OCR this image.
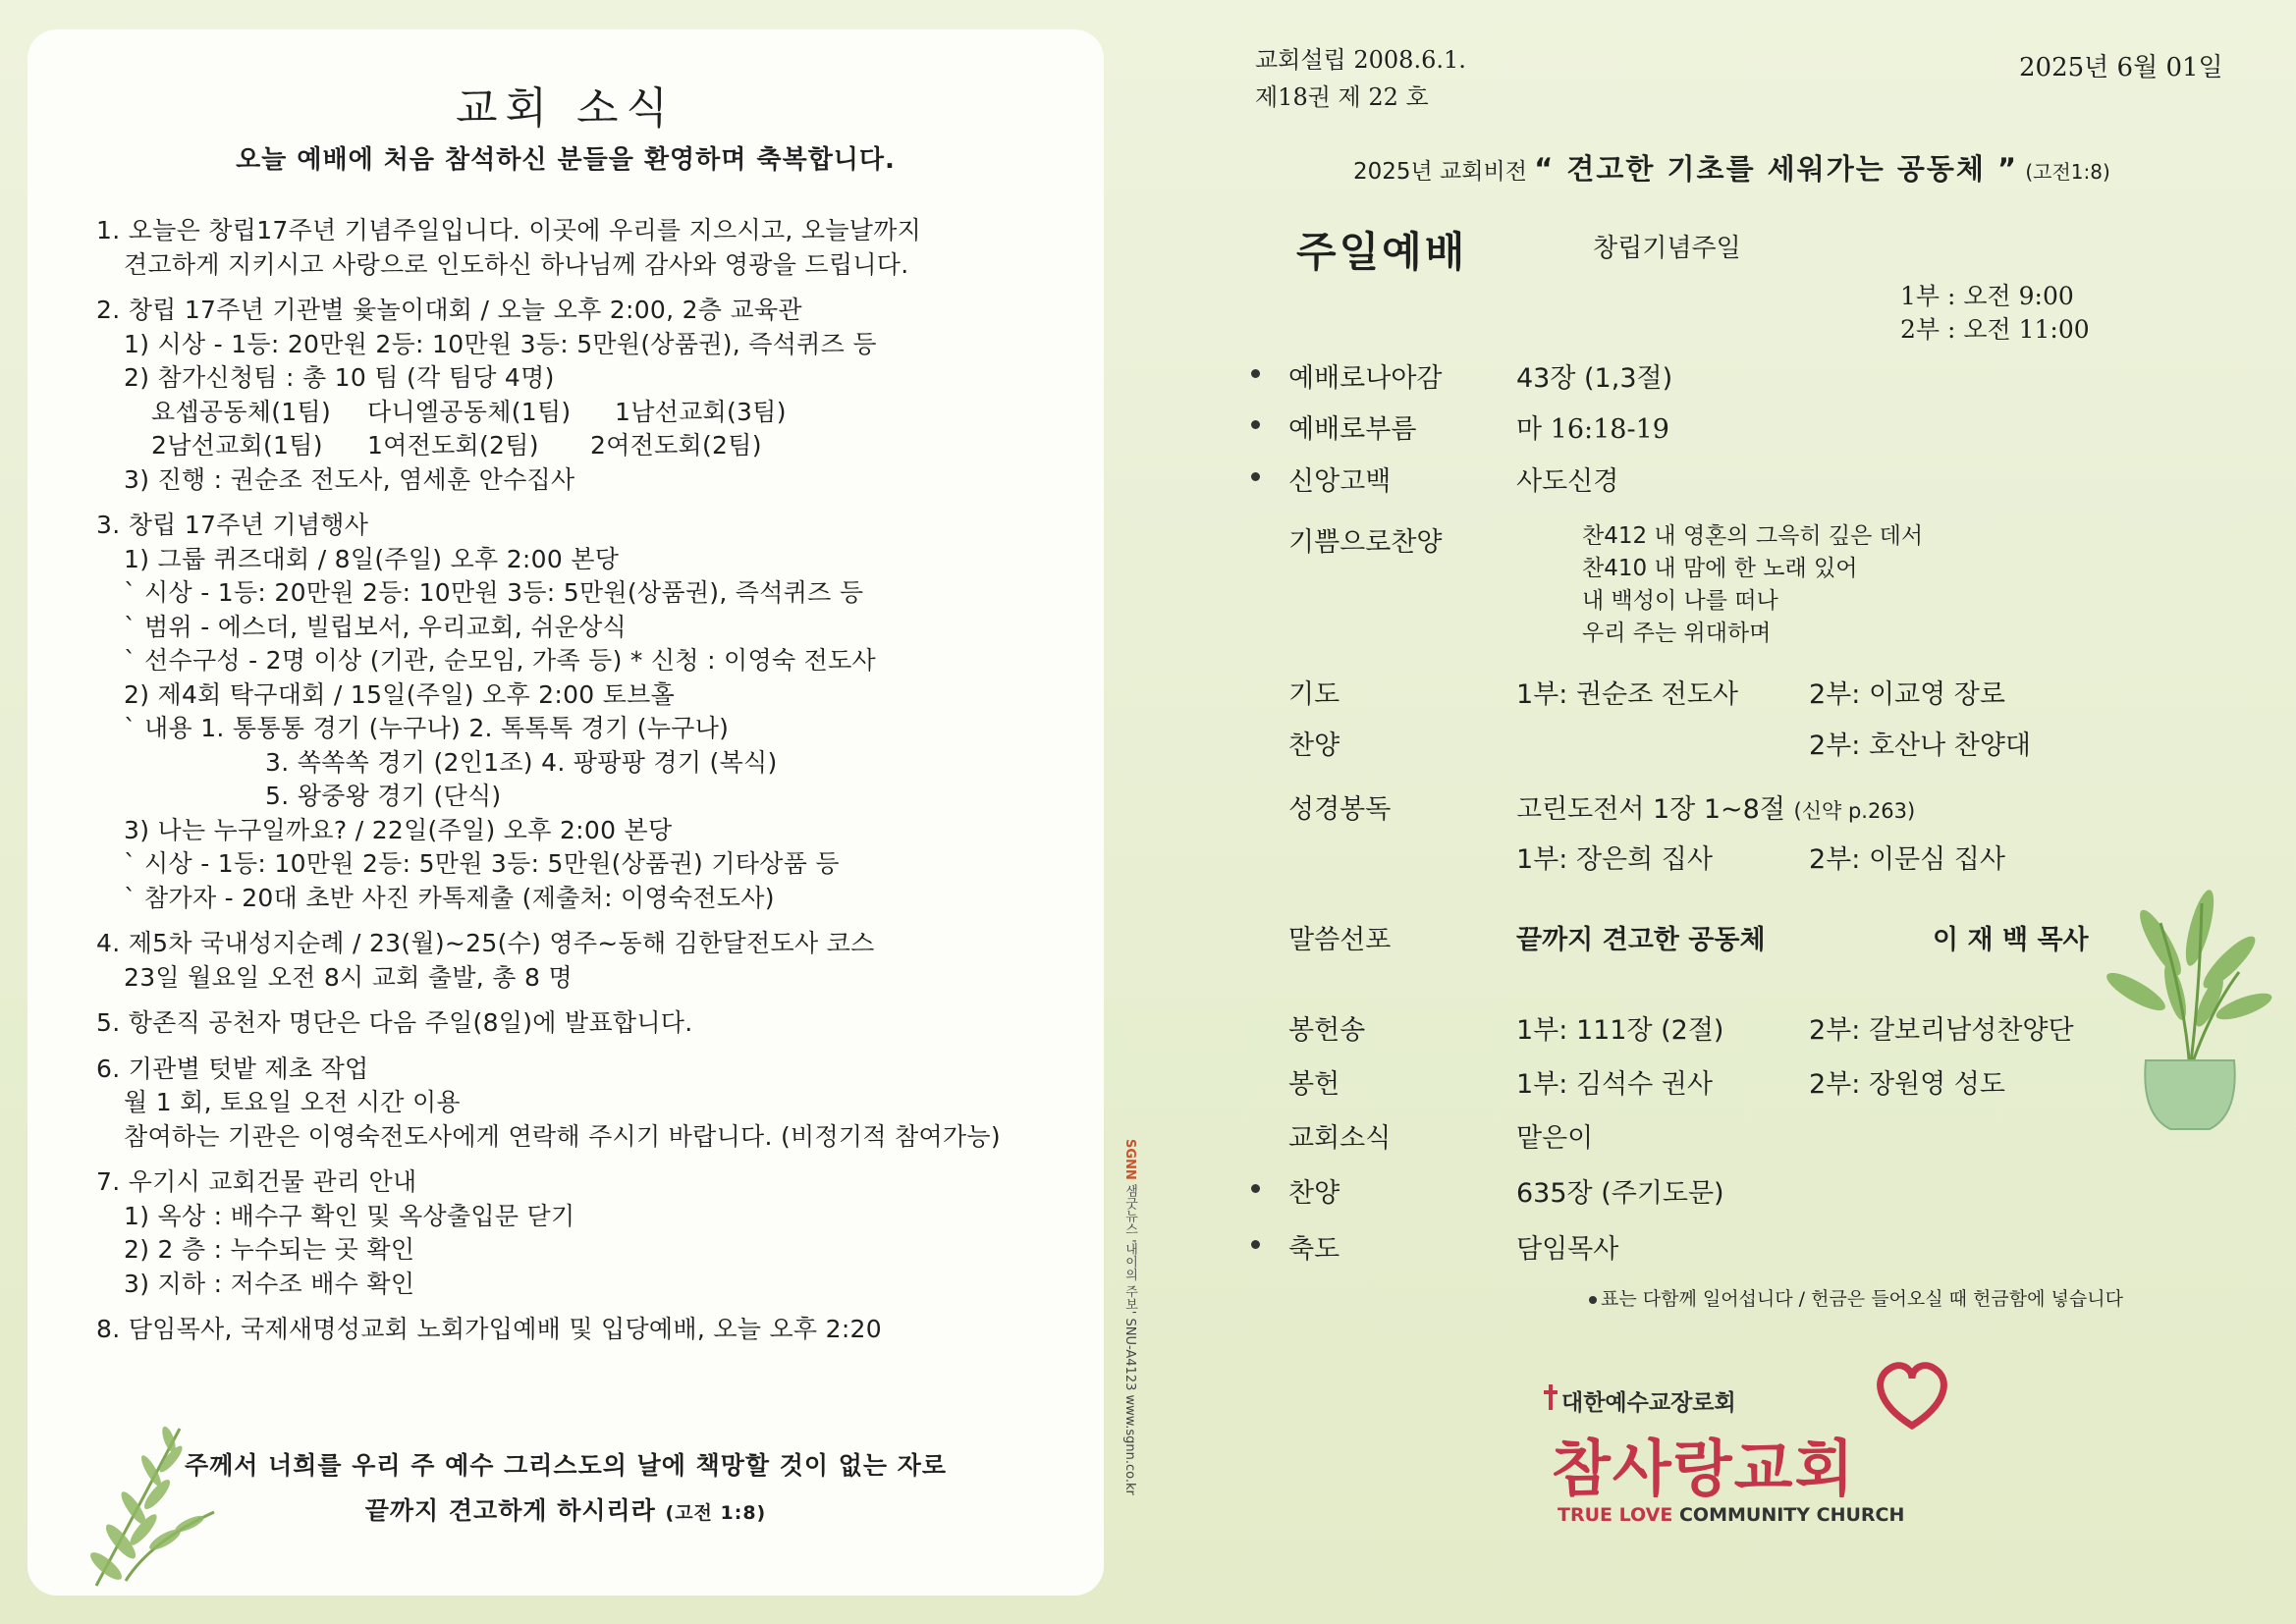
교회 소식
오늘 예배에 처음 참석하신 분들을 환영하며 축복합니다.
1. 오늘은 창립17주년 기념주일입니다. 이곳에 우리를 지으시고, 오늘날까지
견고하게 지키시고 사랑으로 인도하신 하나님께 감사와 영광을 드립니다.
2. 창립 17주년 기관별 윷놀이대회 / 오늘 오후 2:00, 2층 교육관
1) 시상 - 1등: 20만원 2등: 10만원 3등: 5만원(상품권), 즉석퀴즈 등
2) 참가신청팀 : 총 10 팀 (각 팀당 4명)
요셉공동체(1팀)	다니엘공동체(1팀)	1남선교회(3팀)
2남선교회(1팀)	1여전도회(2팀)	2여전도회(2팀)
3) 진행 : 권순조 전도사, 염세훈 안수집사
3. 창립 17주년 기념행사
1) 그룹 퀴즈대회 / 8일(주일) 오후 2:00 본당
` 시상 - 1등: 20만원 2등: 10만원 3등: 5만원(상품권), 즉석퀴즈 등
` 범위 - 에스더, 빌립보서, 우리교회, 쉬운상식
` 선수구성 - 2명 이상 (기관, 순모임, 가족 등) * 신청 : 이영숙 전도사
2) 제4회 탁구대회 / 15일(주일) 오후 2:00 토브홀
` 내용 1. 통통통 경기 (누구나) 2. 톡톡톡 경기 (누구나)
3. 쏙쏙쏙 경기 (2인1조) 4. 팡팡팡 경기 (복식)
5. 왕중왕 경기 (단식)
3) 나는 누구일까요? / 22일(주일) 오후 2:00 본당
` 시상 - 1등: 10만원 2등: 5만원 3등: 5만원(상품권) 기타상품 등
` 참가자 - 20대 초반 사진 카톡제출 (제출처: 이영숙전도사)
4. 제5차 국내성지순례 / 23(월)~25(수) 영주~동해 김한달전도사 코스
23일 월요일 오전 8시 교회 출발, 총 8 명
5. 항존직 공천자 명단은 다음 주일(8일)에 발표합니다.
6. 기관별 텃밭 제초 작업
월 1 회, 토요일 오전 시간 이용
참여하는 기관은 이영숙전도사에게 연락해 주시기 바랍니다. (비정기적 참여가능)
7. 우기시 교회건물 관리 안내
1) 옥상 : 배수구 확인 및 옥상출입문 닫기
2) 2 층 : 누수되는 곳 확인
3) 지하 : 저수조 배수 확인
8. 담임목사, 국제새명성교회 노회가입예배 및 입당예배, 오늘 오후 2:20
주께서 너희를 우리 주 예수 그리스도의 날에 책망할 것이 없는 자로
끝까지 견고하게 하시리라 (고전 1:8)
SGNN 샘굿뉴스 '내이의 주보' SNU-A4123 www.sgnn.co.kr
교회설립 2008.6.1.
제18권 제 22 호
2025년 6월 01일
2025년 교회비전 “ 견고한 기초를 세워가는 공동체 ” (고전1:8)
주일예배	창립기념주일
1부 : 오전 9:00
2부 : 오전 11:00
예배로나아감	43장 (1,3절)
예배로부름	마 16:18-19
신앙고백	사도신경
기쁨으로찬양	찬412 내 영혼의 그윽히 깊은 데서
찬410 내 맘에 한 노래 있어
내 백성이 나를 떠나
우리 주는 위대하며
기도	1부: 권순조 전도사	2부: 이교영 장로
찬양	2부: 호산나 찬양대
성경봉독	고린도전서 1장 1~8절 (신약 p.263)
1부: 장은희 집사	2부: 이문심 집사
말씀선포	끝까지 견고한 공동체	이 재 백 목사
봉헌송	1부: 111장 (2절)	2부: 갈보리남성찬양단
봉헌	1부: 김석수 권사	2부: 장원영 성도
교회소식	맡은이
찬양	635장 (주기도문)
축도	담임목사
표는 다함께 일어섭니다 / 헌금은 들어오실 때 헌금함에 넣습니다
대한예수교장로회
참사랑교회
TRUE LOVE COMMUNITY CHURCH
